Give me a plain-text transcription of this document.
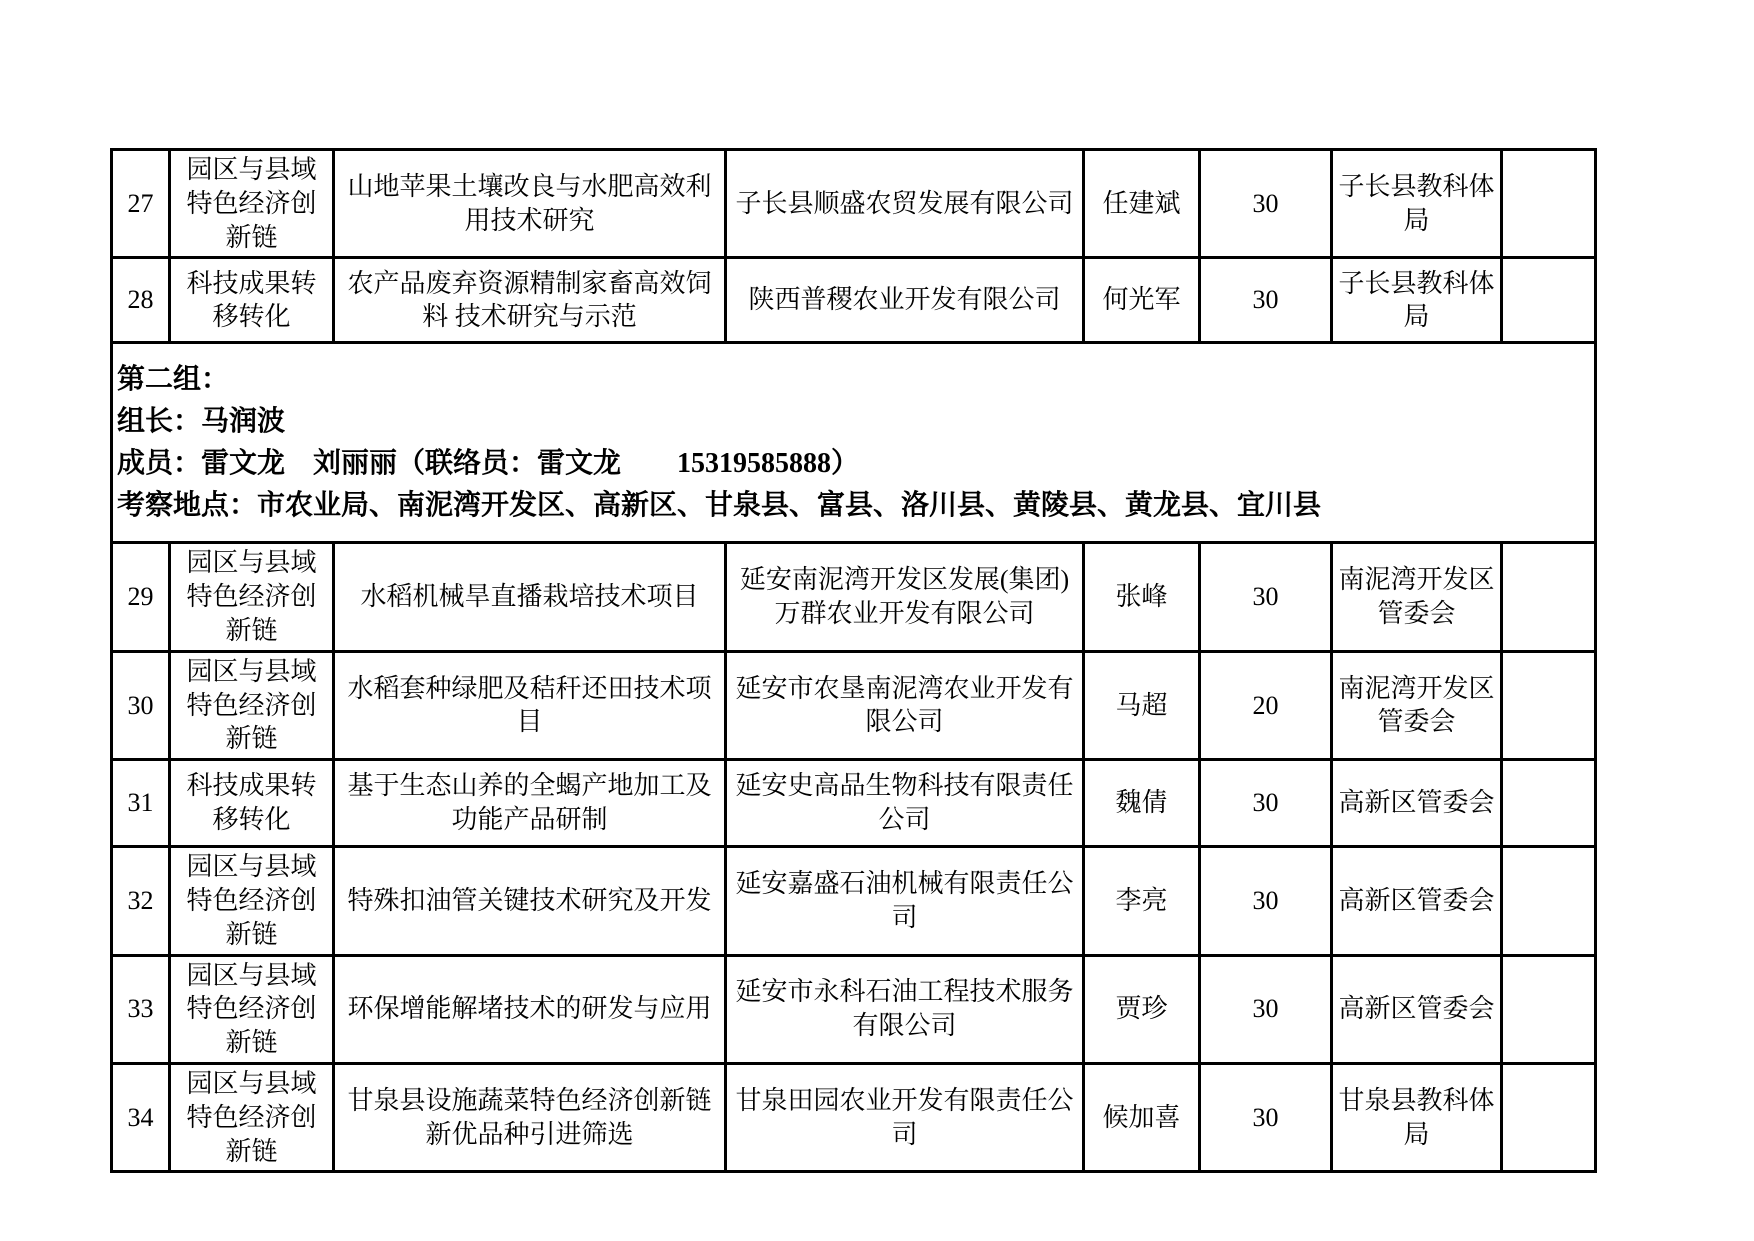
27	园区与县域特色经济创新链	山地苹果土壤改良与水肥高效利用技术研究	子长县顺盛农贸发展有限公司	任建斌	30	子长县教科体局	
28	科技成果转移转化	农产品废弃资源精制家畜高效饲料 技术研究与示范	陕西普稷农业开发有限公司	何光军	30	子长县教科体局	

第二组：
组长：马润波
成员：雷文龙　刘丽丽（联络员：雷文龙　　15319585888）
考察地点：市农业局、南泥湾开发区、高新区、甘泉县、富县、洛川县、黄陵县、黄龙县、宜川县							

29	园区与县域特色经济创新链	水稻机械旱直播栽培技术项目	延安南泥湾开发区发展(集团)万群农业开发有限公司	张峰	30	南泥湾开发区管委会	
30	园区与县域特色经济创新链	水稻套种绿肥及秸秆还田技术项目	延安市农垦南泥湾农业开发有限公司	马超	20	南泥湾开发区管委会	
31	科技成果转移转化	基于生态山养的全蝎产地加工及功能产品研制	延安史高品生物科技有限责任公司	魏倩	30	高新区管委会	
32	园区与县域特色经济创新链	特殊扣油管关键技术研究及开发	延安嘉盛石油机械有限责任公司	李亮	30	高新区管委会	
33	园区与县域特色经济创新链	环保增能解堵技术的研发与应用	延安市永科石油工程技术服务有限公司	贾珍	30	高新区管委会	
34	园区与县域特色经济创新链	甘泉县设施蔬菜特色经济创新链新优品种引进筛选	甘泉田园农业开发有限责任公司	候加喜	30	甘泉县教科体局	
